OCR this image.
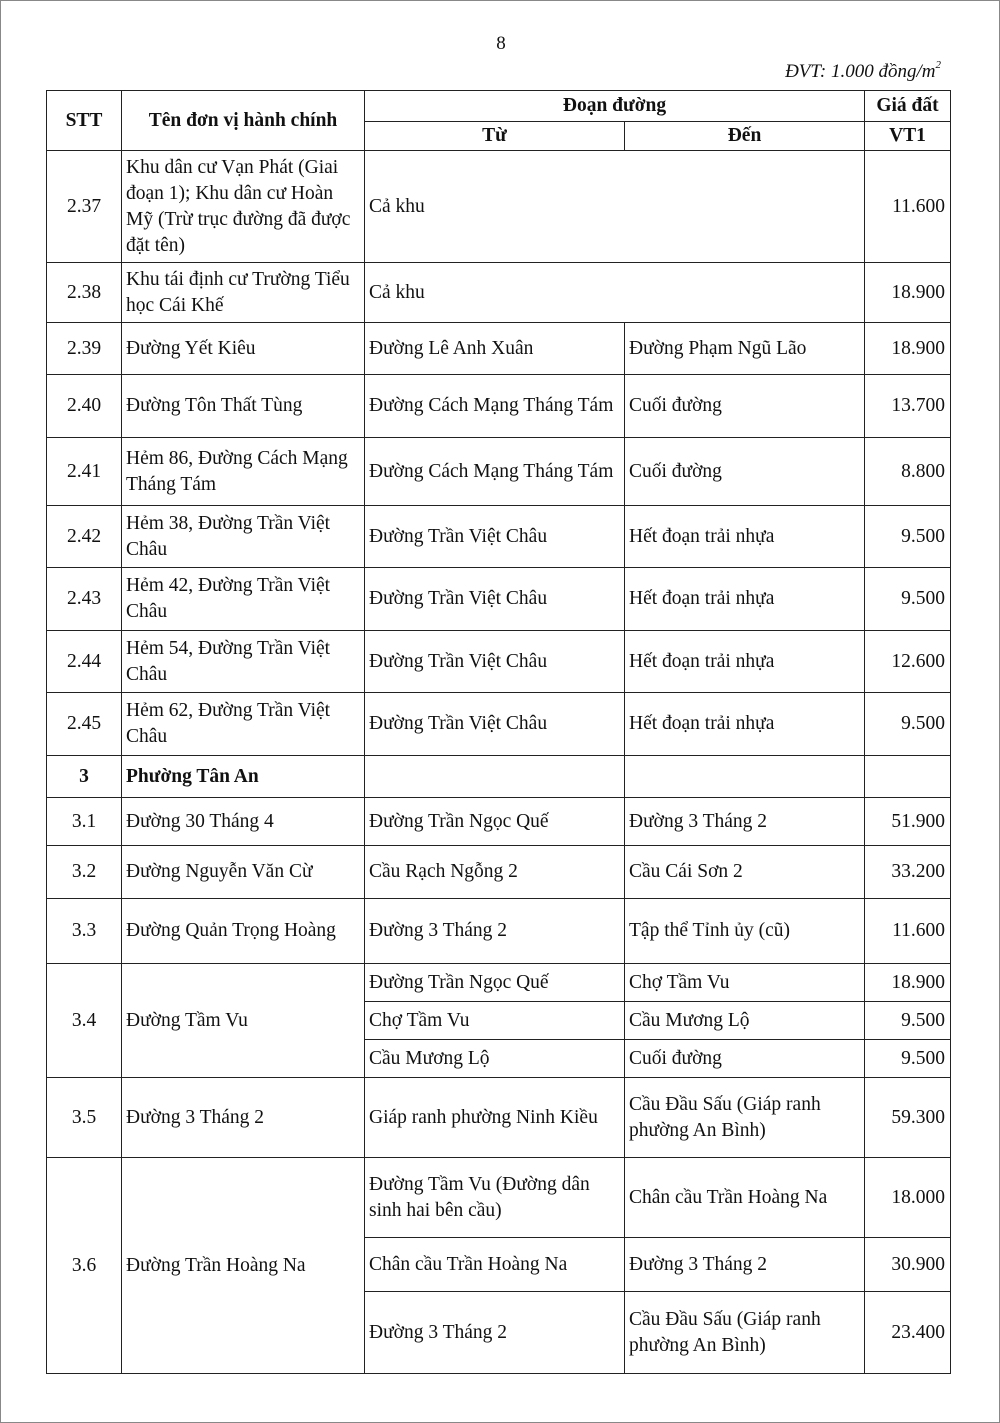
8
ĐVT: 1.000 đồng/$m^2$
STT	Tên đơn vị hành chính	Đoạn đường		Giá đất
		Từ	Đến	VT1
2.37	Khu dân cư Vạn Phát (Giai đoạn 1); Khu dân cư Hoàn Mỹ (Trừ trục đường đã được đặt tên)	Cả khu		11.600
2.38	Khu tái định cư Trường Tiểu học Cái Khế	Cả khu		18.900
2.39	Đường Yết Kiêu	Đường Lê Anh Xuân	Đường Phạm Ngũ Lão	18.900
2.40	Đường Tôn Thất Tùng	Đường Cách Mạng Tháng Tám	Cuối đường	13.700
2.41	Hẻm 86, Đường Cách Mạng Tháng Tám	Đường Cách Mạng Tháng Tám	Cuối đường	8.800
2.42	Hẻm 38, Đường Trần Việt Châu	Đường Trần Việt Châu	Hết đoạn trải nhựa	9.500
2.43	Hẻm 42, Đường Trần Việt Châu	Đường Trần Việt Châu	Hết đoạn trải nhựa	9.500
2.44	Hẻm 54, Đường Trần Việt Châu	Đường Trần Việt Châu	Hết đoạn trải nhựa	12.600
2.45	Hẻm 62, Đường Trần Việt Châu	Đường Trần Việt Châu	Hết đoạn trải nhựa	9.500
3	Phường Tân An			
3.1	Đường 30 Tháng 4	Đường Trần Ngọc Quế	Đường 3 Tháng 2	51.900
3.2	Đường Nguyễn Văn Cừ	Cầu Rạch Ngỗng 2	Cầu Cái Sơn 2	33.200
3.3	Đường Quản Trọng Hoàng	Đường 3 Tháng 2	Tập thể Tỉnh ủy (cũ)	11.600
3.4	Đường Tầm Vu	Đường Trần Ngọc Quế	Chợ Tầm Vu	18.900
		Chợ Tầm Vu	Cầu Mương Lộ	9.500
		Cầu Mương Lộ	Cuối đường	9.500
3.5	Đường 3 Tháng 2	Giáp ranh phường Ninh Kiều	Cầu Đầu Sấu (Giáp ranh phường An Bình)	59.300
3.6	Đường Trần Hoàng Na	Đường Tầm Vu (Đường dân sinh hai bên cầu)	Chân cầu Trần Hoàng Na	18.000
		Chân cầu Trần Hoàng Na	Đường 3 Tháng 2	30.900
		Đường 3 Tháng 2	Cầu Đầu Sấu (Giáp ranh phường An Bình)	23.400
